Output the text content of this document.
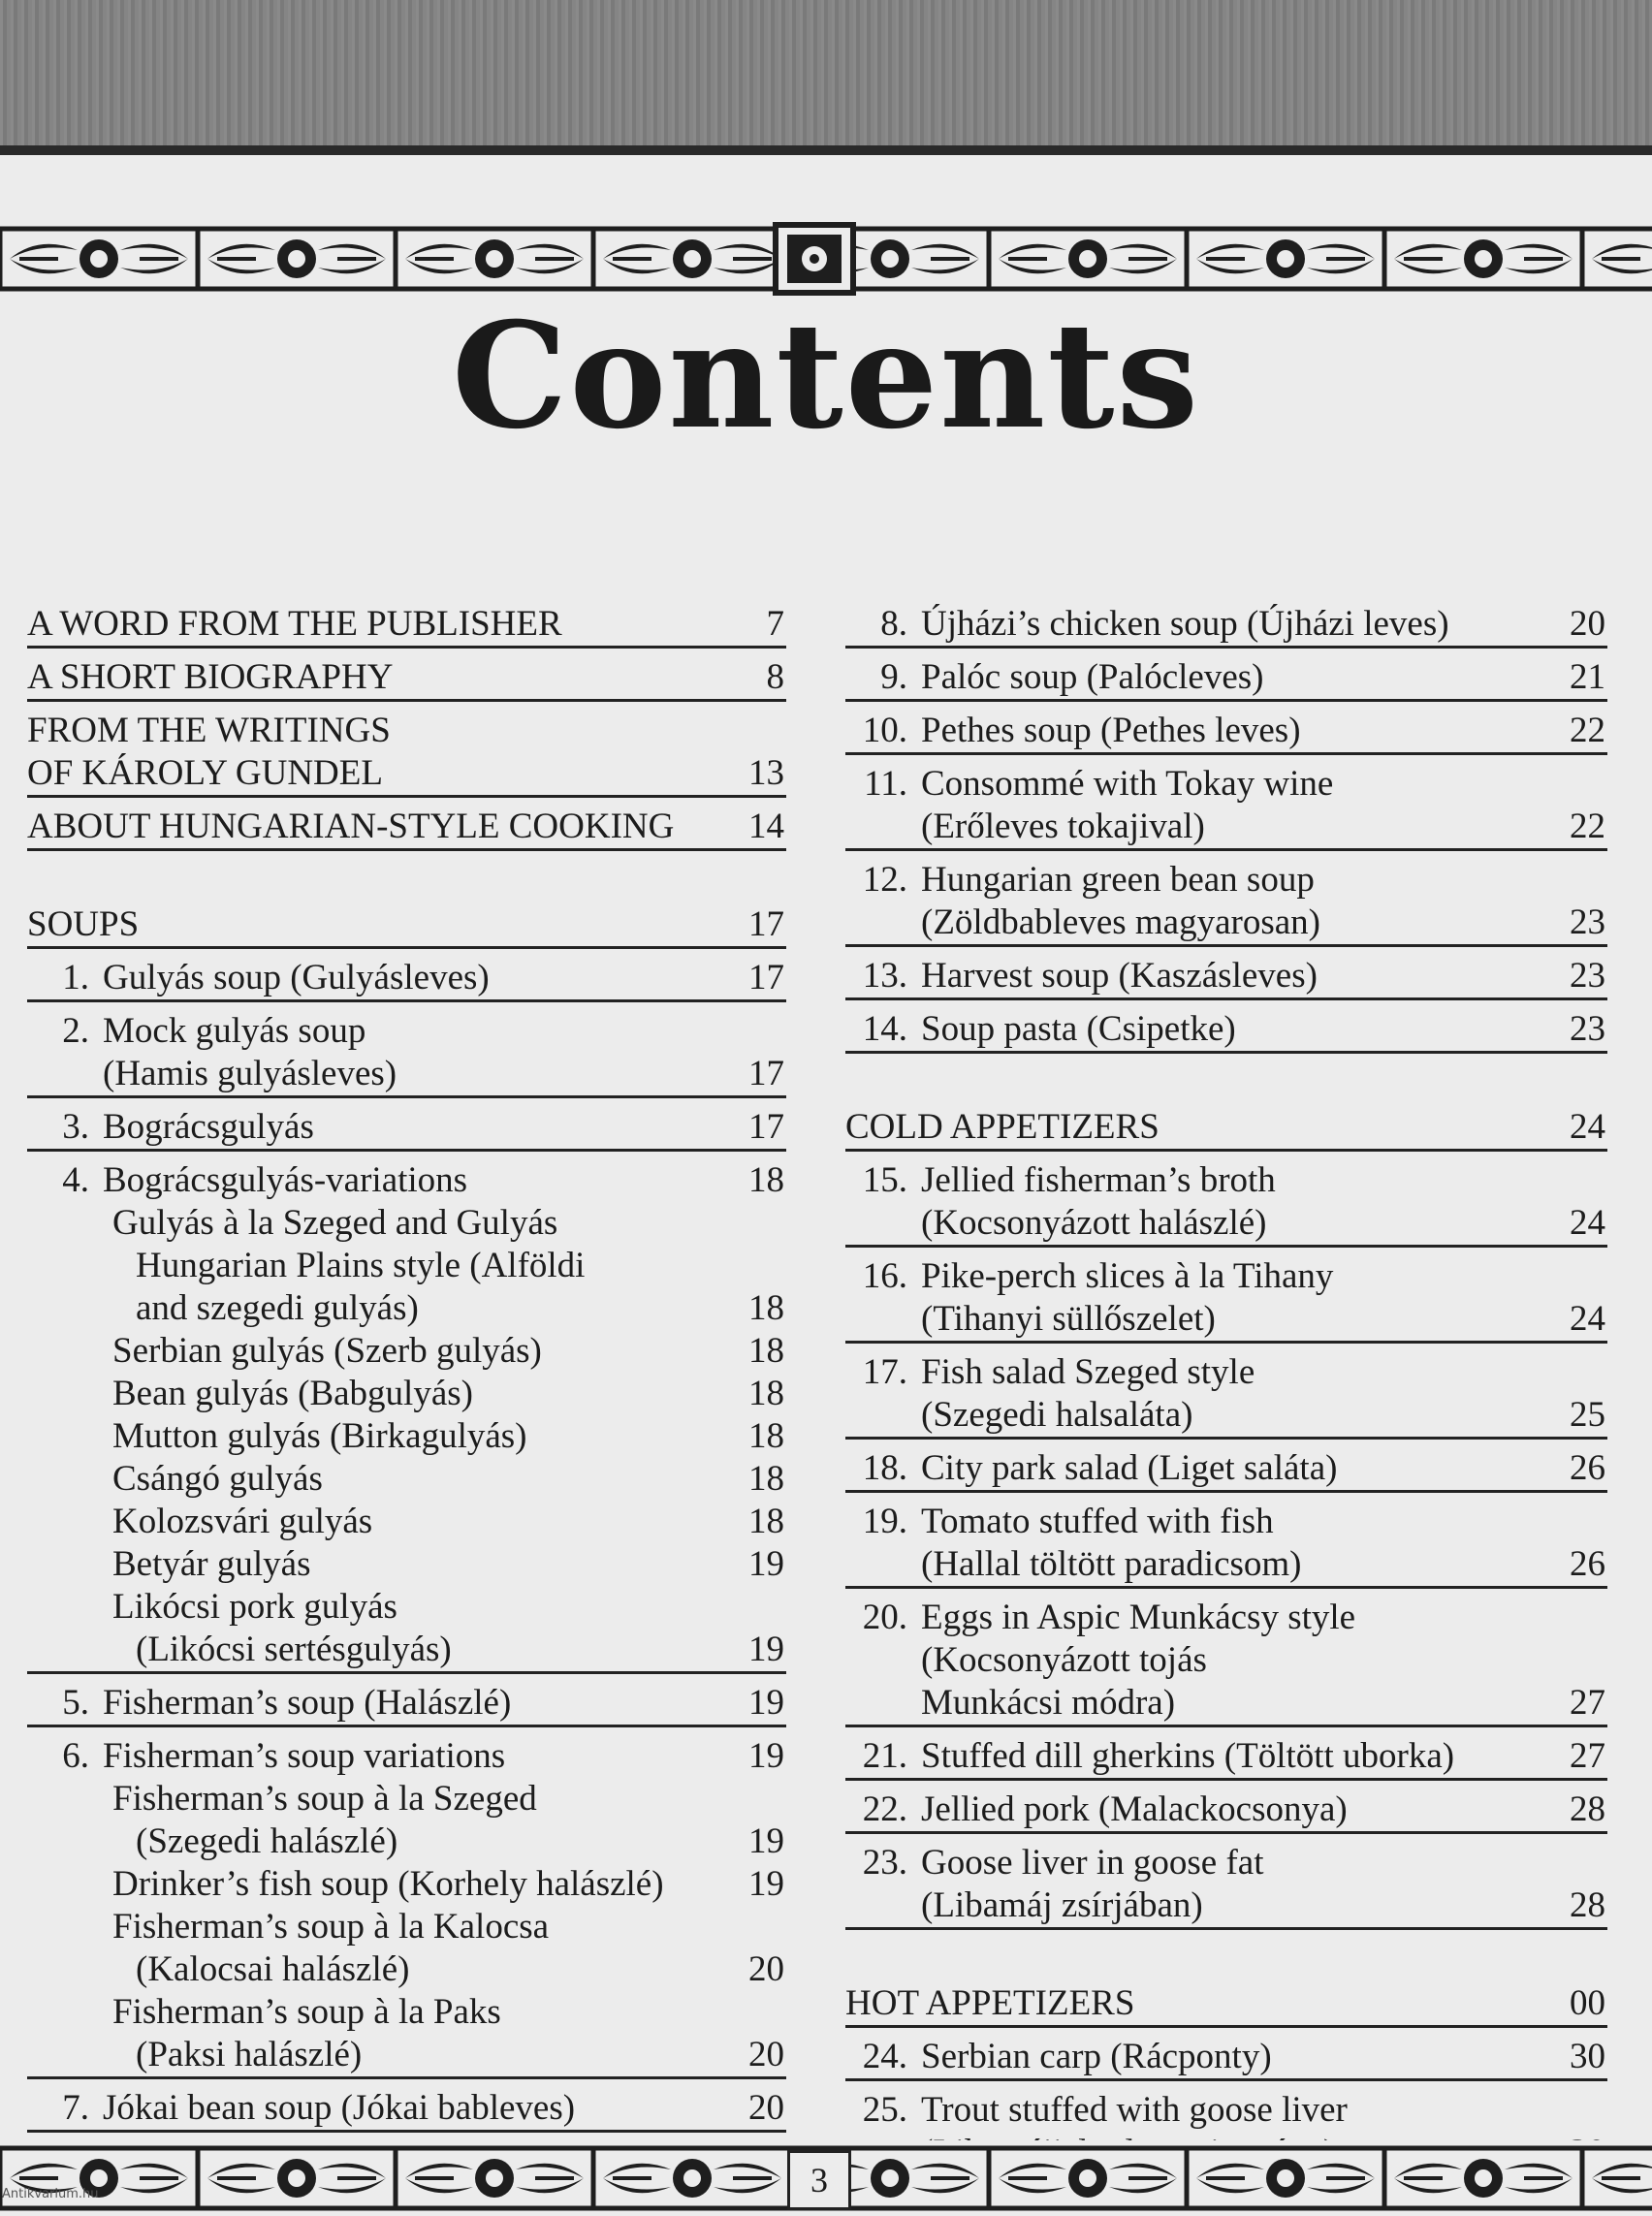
Contents
A WORD FROM THE PUBLISHER	7
A SHORT BIOGRAPHY	8
FROM THE WRITINGS
OF KÁROLY GUNDEL	13
ABOUT HUNGARIAN-STYLE COOKING	14
SOUPS	17
1. Gulyás soup (Gulyásleves)	17
2. Mock gulyás soup
(Hamis gulyásleves)	17
3. Bográcsgulyás	17
4. Bográcsgulyás-variations	18
Gulyás à la Szeged and Gulyás
Hungarian Plains style (Alföldi
and szegedi gulyás)	18
Serbian gulyás (Szerb gulyás)	18
Bean gulyás (Babgulyás)	18
Mutton gulyás (Birkagulyás)	18
Csángó gulyás	18
Kolozsvári gulyás	18
Betyár gulyás	19
Likócsi pork gulyás
(Likócsi sertésgulyás)	19
5. Fisherman’s soup (Halászlé)	19
6. Fisherman’s soup variations	19
Fisherman’s soup à la Szeged
(Szegedi halászlé)	19
Drinker’s fish soup (Korhely halászlé)	19
Fisherman’s soup à la Kalocsa
(Kalocsai halászlé)	20
Fisherman’s soup à la Paks
(Paksi halászlé)	20
7. Jókai bean soup (Jókai bableves)	20
8. Újházi’s chicken soup (Újházi leves)	20
9. Palóc soup (Palócleves)	21
10. Pethes soup (Pethes leves)	22
11. Consommé with Tokay wine
(Erőleves tokajival)	22
12. Hungarian green bean soup
(Zöldbableves magyarosan)	23
13. Harvest soup (Kaszásleves)	23
14. Soup pasta (Csipetke)	23
COLD APPETIZERS	24
15. Jellied fisherman’s broth
(Kocsonyázott halászlé)	24
16. Pike-perch slices à la Tihany
(Tihanyi süllőszelet)	24
17. Fish salad Szeged style
(Szegedi halsaláta)	25
18. City park salad (Liget saláta)	26
19. Tomato stuffed with fish
(Hallal töltött paradicsom)	26
20. Eggs in Aspic Munkácsy style
(Kocsonyázott tojás
Munkácsi módra)	27
21. Stuffed dill gherkins (Töltött uborka)	27
22. Jellied pork (Malackocsonya)	28
23. Goose liver in goose fat
(Libamáj zsírjában)	28
HOT APPETIZERS	00
24. Serbian carp (Rácponty)	30
25. Trout stuffed with goose liver
3
Antikvarium.hu
